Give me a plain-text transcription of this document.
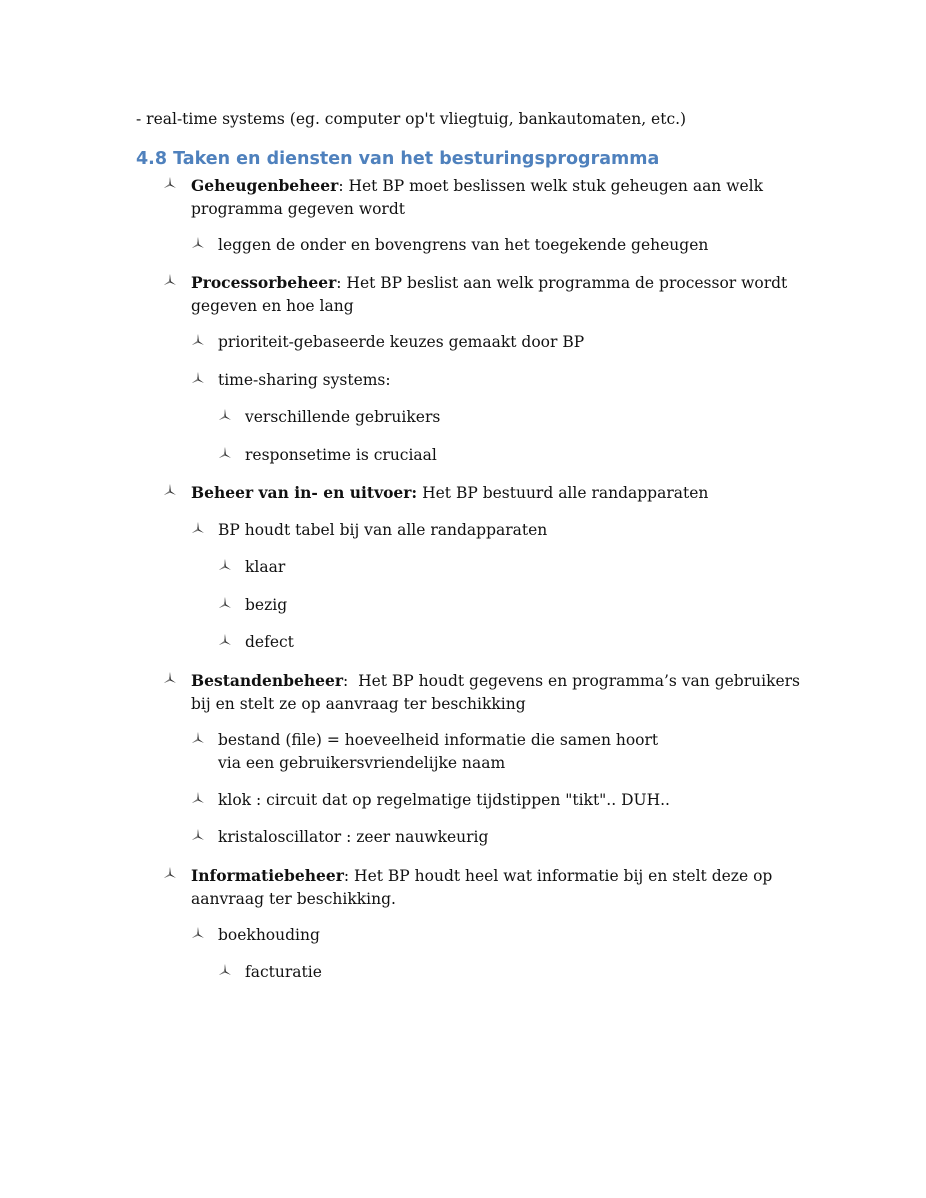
- real-time systems (eg. computer op't vliegtuig, bankautomaten, etc.)
4.8 Taken en diensten van het besturingsprogramma
Geheugenbeheer: Het BP moet beslissen welk stuk geheugen aan welk programma gegeven wordt
leggen de onder en bovengrens van het toegekende geheugen
Processorbeheer: Het BP beslist aan welk programma de processor wordt gegeven en hoe lang
prioriteit-gebaseerde keuzes gemaakt door BP
time-sharing systems:
verschillende gebruikers
responsetime is cruciaal
Beheer van in- en uitvoer: Het BP bestuurd alle randapparaten
BP houdt tabel bij van alle randapparaten
klaar
bezig
defect
Bestandenbeheer:  Het BP houdt gegevens en programma’s van gebruikers bij en stelt ze op aanvraag ter beschikking
bestand (file) = hoeveelheid informatie die samen hoort via een gebruikersvriendelijke naam
klok : circuit dat op regelmatige tijdstippen "tikt".. DUH..
kristaloscillator : zeer nauwkeurig
Informatiebeheer: Het BP houdt heel wat informatie bij en stelt deze op aanvraag ter beschikking.
boekhouding
facturatie
